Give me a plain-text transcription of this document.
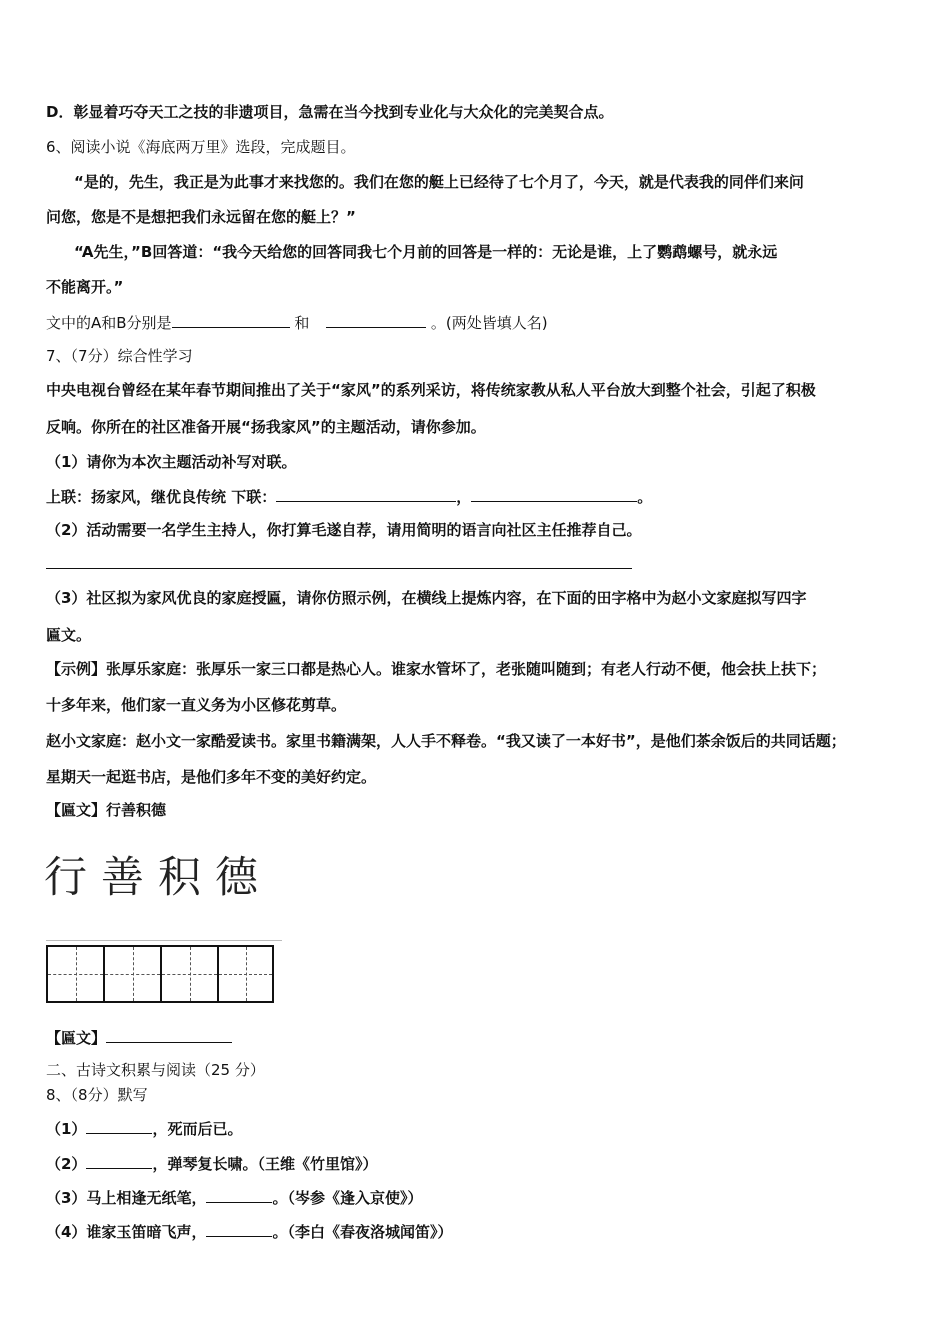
D．彰显着巧夺天工之技的非遗项目，急需在当今找到专业化与大众化的完美契合点。
6、阅读小说《海底两万里》选段，完成题目。
“是的，先生，我正是为此事才来找您的。我们在您的艇上已经待了七个月了，今天，就是代表我的同伴们来问
问您，您是不是想把我们永远留在您的艇上？”
“A先生，”B回答道：“我今天给您的回答同我七个月前的回答是一样的：无论是谁，上了鹦鹉螺号，就永远
不能离开。”
文中的A和B分别是	和	。(两处皆填人名)
7、（7分）综合性学习
中央电视台曾经在某年春节期间推出了关于“家风”的系列采访，将传统家教从私人平台放大到整个社会，引起了积极
反响。你所在的社区准备开展“扬我家风”的主题活动，请你参加。
（1）请你为本次主题活动补写对联。
上联：扬家风，继优良传统 下联：	，	。
（2）活动需要一名学生主持人，你打算毛遂自荐，请用简明的语言向社区主任推荐自己。
（3）社区拟为家风优良的家庭授匾，请你仿照示例，在横线上提炼内容，在下面的田字格中为赵小文家庭拟写四字
匾文。
【示例】张厚乐家庭：张厚乐一家三口都是热心人。谁家水管坏了，老张随叫随到；有老人行动不便，他会扶上扶下；
十多年来，他们家一直义务为小区修花剪草。
赵小文家庭：赵小文一家酷爱读书。家里书籍满架，人人手不释卷。“我又读了一本好书”，是他们茶余饭后的共同话题；
星期天一起逛书店，是他们多年不变的美好约定。
【匾文】行善积德
行善积德
【匾文】
二、古诗文积累与阅读（25 分）
8、（8分）默写
（1）	，死而后已。
（2）	，弹琴复长啸。（王维《竹里馆》）
（3）马上相逢无纸笔，	。（岑参《逢入京使》）
（4）谁家玉笛暗飞声，	。（李白《春夜洛城闻笛》）
